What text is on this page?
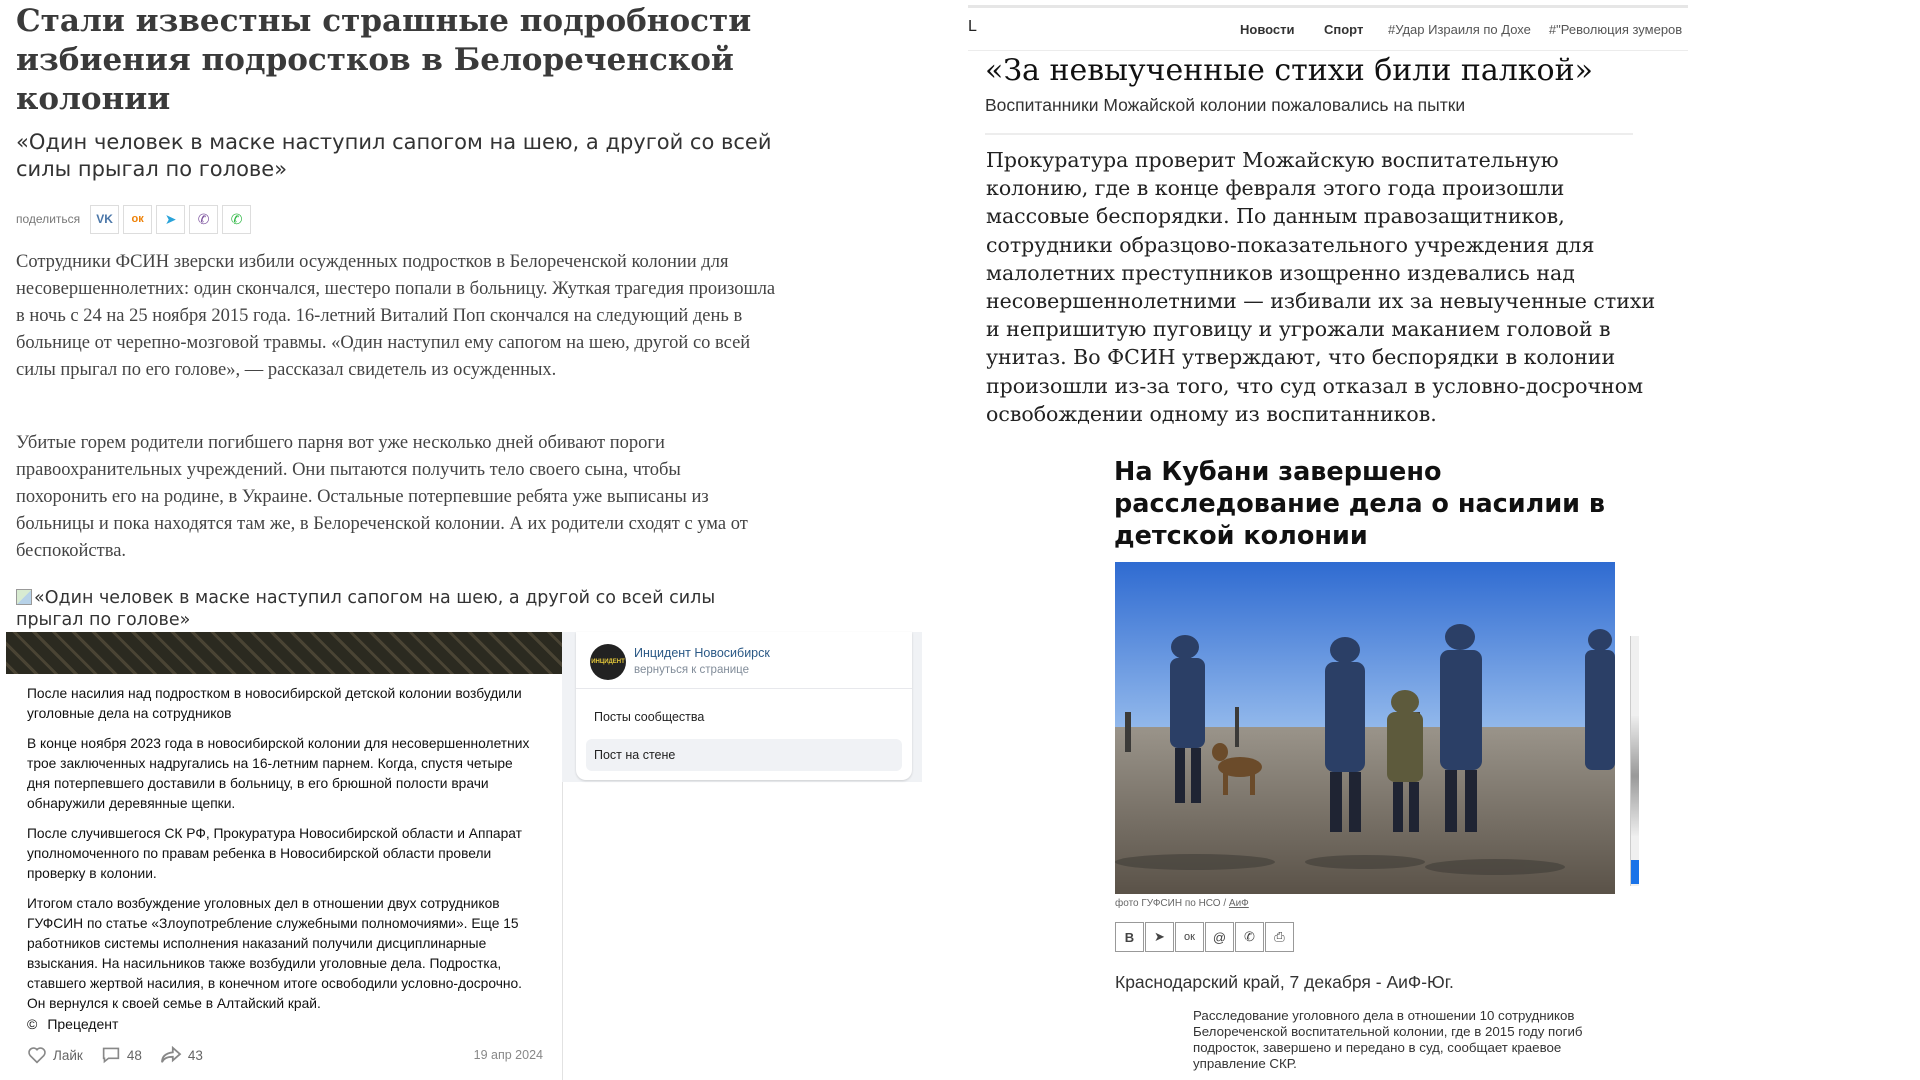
Стали известны страшные подробности избиения подростков в Белореченской колонии
«Один человек в маске наступил сапогом на шею, а другой со всей силы прыгал по голове»
поделиться VK ок ➤ ✆ ✆

Сотрудники ФСИН зверски избили осужденных подростков в Белореченской колонии для несовершеннолетних: один скончался, шестеро попали в больницу. Жуткая трагедия произошла в ночь с 24 на 25 ноября 2015 года. 16-летний Виталий Поп скончался на следующий день в больнице от черепно-мозговой травмы. «Один наступил ему сапогом на шею, другой со всей силы прыгал по его голове», — рассказал свидетель из осужденных.

Убитые горем родители погибшего парня вот уже несколько дней обивают пороги правоохранительных учреждений. Они пытаются получить тело своего сына, чтобы похоронить его на родине, в Украине. Остальные потерпевшие ребята уже выписаны из больницы и пока находятся там же, в Белореченской колонии. А их родители сходят с ума от беспокойства.

«Один человек в маске наступил сапогом на шею, а другой со всей силы прыгал по голове»
После насилия над подростком в новосибирской детской колонии возбудили уголовные дела на сотрудников
В конце ноября 2023 года в новосибирской колонии для несовершеннолетних трое заключенных надругались на 16-летним парнем. Когда, спустя четыре дня потерпевшего доставили в больницу, в его брюшной полости врачи обнаружили деревянные щепки.
После случившегося СК РФ, Прокуратура Новосибирской области и Аппарат уполномоченного по правам ребенка в Новосибирской области провели проверку в колонии.
Итогом стало возбуждение уголовных дел в отношении двух сотрудников ГУФСИН по статье «Злоупотребление служебными полномочиями». Еще 15 работников системы исполнения наказаний получили дисциплинарные взыскания. На насильников также возбудили уголовные дела. Подростка, ставшего жертвой насилия, в конечном итоге освободили условно-досрочно. Он вернулся к своей семье в Алтайский край.
© Прецедент
Лайк	48	43	19 апр 2024
ИНЦИДЕНТ
Инцидент Новосибирск
вернуться к странице
Посты сообщества
Пост на стене
L	Новости Спорт #Удар Израиля по Дохе #"Революция зумеров
«За невыученные стихи били палкой»
Воспитанники Можайской колонии пожаловались на пытки

Прокуратура проверит Можайскую воспитательную колонию, где в конце февраля этого года произошли массовые беспорядки. По данным правозащитников, сотрудники образцово-показательного учреждения для малолетних преступников изощренно издевались над несовершеннолетними — избивали их за невыученные стихи и непришитую пуговицу и угрожали маканием головой в унитаз. Во ФСИН утверждают, что беспорядки в колонии произошли из-за того, что суд отказал в условно-досрочном освобождении одному из воспитанников.

На Кубани завершено расследование дела о насилии в детской колонии
фото ГУФСИН по НСО / АиФ
В ➤ ок @ ✆ ⎙
Краснодарский край, 7 декабря - АиФ-Юг.
Расследование уголовного дела в отношении 10 сотрудников Белореченской воспитательной колонии, где в 2015 году погиб подросток, завершено и передано в суд, сообщает краевое управление СКР.
